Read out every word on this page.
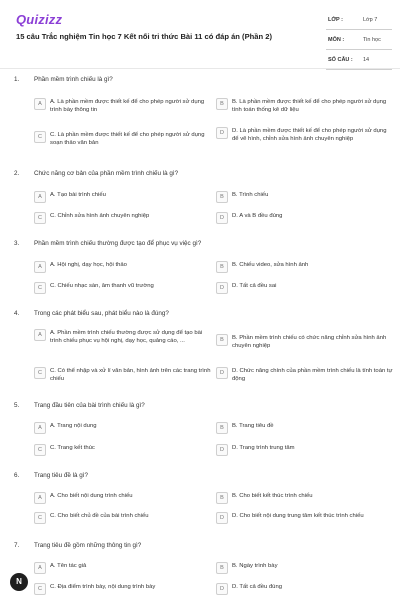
Quizizz
15 câu Trắc nghiệm Tin học 7 Kết nối tri thức Bài 11 có đáp án (Phần 2)
LỚP :	Lớp 7
MÔN :	Tin học
SỐ CÂU : 14
1. Phần mềm trình chiếu là gì?
A	A. Là phần mềm được thiết kế để cho phép người sử dụng trình bày thông tin
B	B. Là phần mềm được thiết kế để cho phép người sử dụng tính toán thống kê dữ liệu
C	C. Là phần mềm được thiết kế để cho phép người sử dụng soạn thảo văn bản
D	D. Là phần mềm được thiết kế để cho phép người sử dụng để vẽ hình, chỉnh sửa hình ảnh chuyên nghiệp
2. Chức năng cơ bản của phần mềm trình chiếu là gì?
A	A. Tạo bài trình chiếu	B	B. Trình chiếu
C	C. Chỉnh sửa hình ảnh chuyên nghiệp	D	D. A và B đều đúng
3. Phần mềm trình chiếu thường được tạo để phục vụ việc gì?
A	A. Hội nghị, dạy học, hội thảo	B	B. Chiếu video, sửa hình ảnh
C	C. Chiếu nhạc sàn, âm thanh vũ trường	D	D. Tất cả đều sai
4. Trong các phát biểu sau, phát biểu nào là đúng?
A	A. Phần mềm trình chiếu thường được sử dụng để tạo bài trình chiếu phục vụ hội nghị, dạy học, quảng cáo, ...	B	B. Phần mềm trình chiếu có chức năng chỉnh sửa hình ảnh chuyên nghiệp
C	C. Có thể nhập và xử lí văn bản, hình ảnh trên các trang trình chiếu
D	D. Chức năng chính của phần mềm trình chiếu là tính toán tự động
5. Trang đầu tiên của bài trình chiếu là gì?
A	A. Trang nội dung	B	B. Trang tiêu đề
C	C. Trang kết thúc	D	D. Trang trình trung tâm
6. Trang tiêu đề là gì?
A	A. Cho biết nội dung trình chiếu	B	B. Cho biết kết thúc trình chiếu
C	C. Cho biết chủ đề của bài trình chiếu	D	D. Cho biết nội dung trung tâm kết thúc trình chiếu
7. Trang tiêu đề gồm những thông tin gì?
A	A. Tên tác giả	B	B. Ngày trình bày
C	C. Địa điểm trình bày, nội dung trình bày	D	D. Tất cả đều đúng
N
